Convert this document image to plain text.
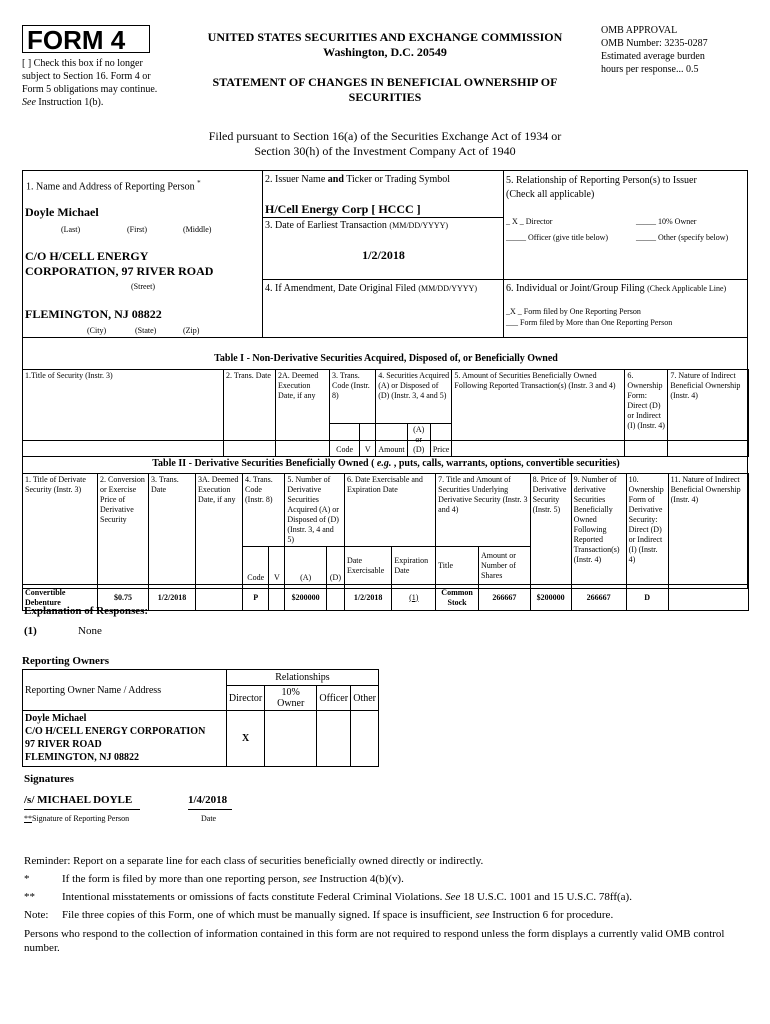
FORM 4
[ ] Check this box if no longer subject to Section 16. Form 4 or Form 5 obligations may continue. See Instruction 1(b).
UNITED STATES SECURITIES AND EXCHANGE COMMISSION
Washington, D.C. 20549
STATEMENT OF CHANGES IN BENEFICIAL OWNERSHIP OF
SECURITIES
OMB APPROVAL
OMB Number: 3235-0287
Estimated average burden
hours per response... 0.5
Filed pursuant to Section 16(a) of the Securities Exchange Act of 1934 or
Section 30(h) of the Investment Company Act of 1940
1. Name and Address of Reporting Person *
Doyle Michael
(Last)	(First)	(Middle)
C/O H/CELL ENERGY
CORPORATION, 97 RIVER ROAD
(Street)
FLEMINGTON, NJ 08822
(City)	(State)	(Zip)
2. Issuer Name and Ticker or Trading Symbol
H/Cell Energy Corp [ HCCC ]
3. Date of Earliest Transaction (MM/DD/YYYY)
1/2/2018
4. If Amendment, Date Original Filed (MM/DD/YYYY)
5. Relationship of Reporting Person(s) to Issuer
(Check all applicable)
_ X _ Director	_____ 10% Owner
_____ Officer (give title below)	_____ Other (specify below)
6. Individual or Joint/Group Filing (Check Applicable Line)
_X _ Form filed by One Reporting Person
___ Form filed by More than One Reporting Person
Table I - Non-Derivative Securities Acquired, Disposed of, or Beneficially Owned
1.Title of Security (Instr. 3)	2. Trans. Date	2A. Deemed Execution Date, if any	3. Trans. Code (Instr. 8)		4. Securities Acquired (A) or Disposed of (D) (Instr. 3, 4 and 5)			5. Amount of Securities Beneficially Owned Following Reported Transaction(s) (Instr. 3 and 4)	6. Ownership Form: Direct (D) or Indirect (I) (Instr. 4)	7. Nature of Indirect Beneficial Ownership (Instr. 4)
			Code	V	Amount	(A) or (D)	Price			
Table II - Derivative Securities Beneficially Owned ( e.g. , puts, calls, warrants, options, convertible securities)
1. Title of Derivate Security (Instr. 3)	2. Conversion or Exercise Price of Derivative Security	3. Trans. Date	3A. Deemed Execution Date, if any	4. Trans. Code (Instr. 8)		5. Number of Derivative Securities Acquired (A) or Disposed of (D) (Instr. 3, 4 and 5)		6. Date Exercisable and Expiration Date		7. Title and Amount of Securities Underlying Derivative Security (Instr. 3 and 4)		8. Price of Derivative Security (Instr. 5)	9. Number of derivative Securities Beneficially Owned Following Reported Transaction(s) (Instr. 4)	10. Ownership Form of Derivative Security: Direct (D) or Indirect (I) (Instr. 4)	11. Nature of Indirect Beneficial Ownership (Instr. 4)
				Code	V	(A)	(D)	Date Exercisable	Expiration Date	Title	Amount or Number of Shares				
Convertible Debenture	$0.75	1/2/2018		P		$200000		1/2/2018	(1)	Common Stock	266667	$200000	266667	D	
Explanation of Responses:
(1)	None
Reporting Owners
Reporting Owner Name / Address	Relationships			
	Director	10% Owner	Officer	Other

Doyle Michael
C/O H/CELL ENERGY CORPORATION
97 RIVER ROAD
FLEMINGTON, NJ 08822	X			
Signatures
/s/ MICHAEL DOYLE	1/4/2018
**Signature of Reporting Person	Date
Reminder: Report on a separate line for each class of securities beneficially owned directly or indirectly.
*	If the form is filed by more than one reporting person, see Instruction 4(b)(v).
** Intentional misstatements or omissions of facts constitute Federal Criminal Violations. See 18 U.S.C. 1001 and 15 U.S.C. 78ff(a).
Note: File three copies of this Form, one of which must be manually signed. If space is insufficient, see Instruction 6 for procedure.
Persons who respond to the collection of information contained in this form are not required to respond unless the form displays a currently valid OMB control number.
